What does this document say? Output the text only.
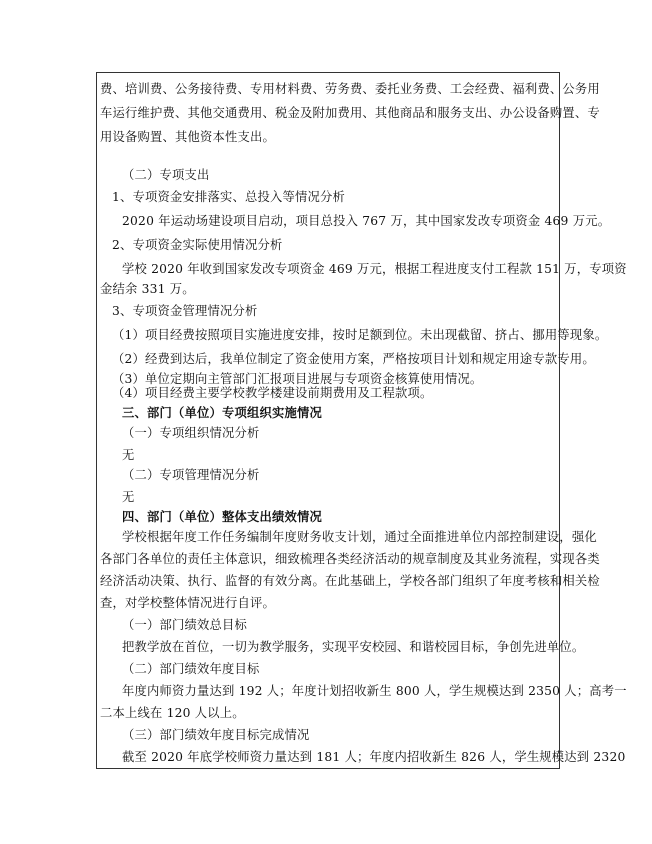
费、培训费、公务接待费、专用材料费、劳务费、委托业务费、工会经费、福利费、公务用
车运行维护费、其他交通费用、税金及附加费用、其他商品和服务支出、办公设备购置、专
用设备购置、其他资本性支出。
（二）专项支出
1、专项资金安排落实、总投入等情况分析
2020 年运动场建设项目启动，项目总投入 767 万，其中国家发改专项资金 469 万元。
2、专项资金实际使用情况分析
学校 2020 年收到国家发改专项资金 469 万元，根据工程进度支付工程款 151 万，专项资
金结余 331 万。
3、专项资金管理情况分析
（1）项目经费按照项目实施进度安排，按时足额到位。未出现截留、挤占、挪用等现象。
（2）经费到达后，我单位制定了资金使用方案，严格按项目计划和规定用途专款专用。
（3）单位定期向主管部门汇报项目进展与专项资金核算使用情况。
（4）项目经费主要学校教学楼建设前期费用及工程款项。
三、部门（单位）专项组织实施情况
（一）专项组织情况分析
无
（二）专项管理情况分析
无
四、部门（单位）整体支出绩效情况
学校根据年度工作任务编制年度财务收支计划，通过全面推进单位内部控制建设，强化
各部门各单位的责任主体意识，细致梳理各类经济活动的规章制度及其业务流程，实现各类
经济活动决策、执行、监督的有效分离。在此基础上，学校各部门组织了年度考核和相关检
查，对学校整体情况进行自评。
（一）部门绩效总目标
把教学放在首位，一切为教学服务，实现平安校园、和谐校园目标，争创先进单位。
（二）部门绩效年度目标
年度内师资力量达到 192 人；年度计划招收新生 800 人，学生规模达到 2350 人；高考一
二本上线在 120 人以上。
（三）部门绩效年度目标完成情况
截至 2020 年底学校师资力量达到 181 人；年度内招收新生 826 人，学生规模达到 2320
